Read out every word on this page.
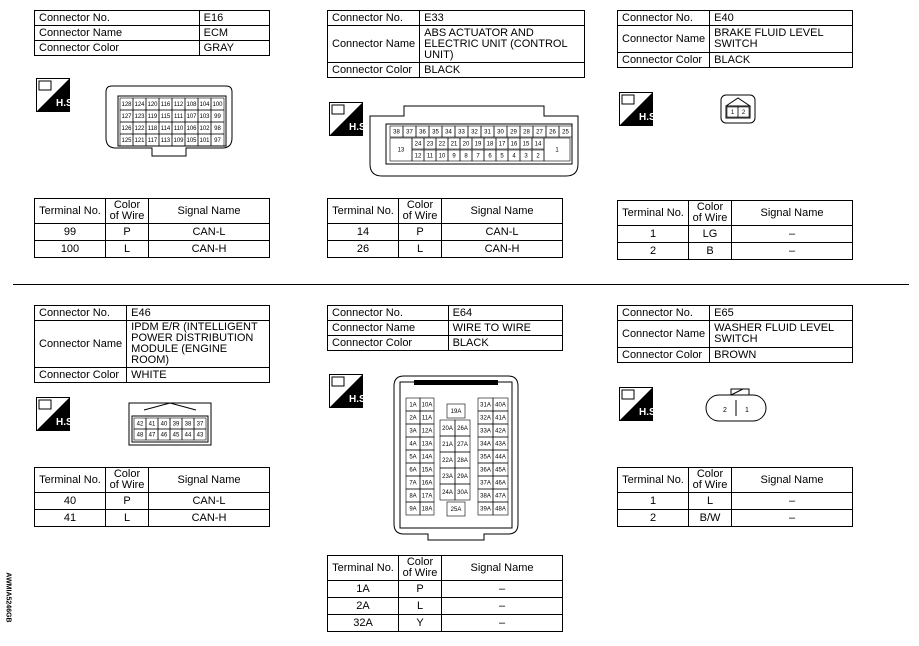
Connector No.	E16
Connector Name	ECM
Connector Color	GRAY
H.S.	128 124 120 116 112 108 104 100
127 123 119 115 111 107 103 99
126 122 118 114 110 106 102 98
125 121 117 113 109 105 101 97
Terminal No.	Color of Wire	Signal Name
99	P	CAN-L
100	L	CAN-H
Connector No.	E33
Connector Name	ABS ACTUATOR AND ELECTRIC UNIT (CONTROL UNIT)
Connector Color	BLACK
H.S.	38 37 36 35 34 33 32 31 30 29 28 27 26 25
24 23 22 21 20 19 18 17 16 15 14
12 11 10 9 8 7 6 5 4 3 2
13	1
Terminal No.	Color of Wire	Signal Name
14	P	CAN-L
26	L	CAN-H
Connector No.	E40
Connector Name	BRAKE FLUID LEVEL SWITCH
Connector Color	BLACK
H.S.	1 2
Terminal No.	Color of Wire	Signal Name
1	LG	–
2	B	–
Connector No.	E46
Connector Name	IPDM E/R (INTELLIGENT POWER DISTRIBUTION MODULE (ENGINE ROOM)
Connector Color	WHITE
H.S.	42 41 40 39 38 37
48 47 46 45 44 43
Terminal No.	Color of Wire	Signal Name
40	P	CAN-L
41	L	CAN-H
Connector No.	E64
Connector Name	WIRE TO WIRE
Connector Color	BLACK
H.S.
1A 10A
2A 11A
3A 12A
4A 13A
5A 14A
6A 15A
7A 16A
8A 17A
9A 18A
31A 40A
32A 41A
33A 42A
34A 43A
35A 44A
36A 45A
37A 46A
38A 47A
39A 48A
19A
20A 26A
21A 27A
22A 28A
23A 29A
24A 30A
25A
Terminal No.	Color of Wire	Signal Name
1A	P	–
2A	L	–
32A	Y	–
Connector No.	E65
Connector Name	WASHER FLUID LEVEL SWITCH
Connector Color	BROWN
H.S.	2	1
Terminal No.	Color of Wire	Signal Name
1	L	–
2	B/W	–
AWMIA5246GB
